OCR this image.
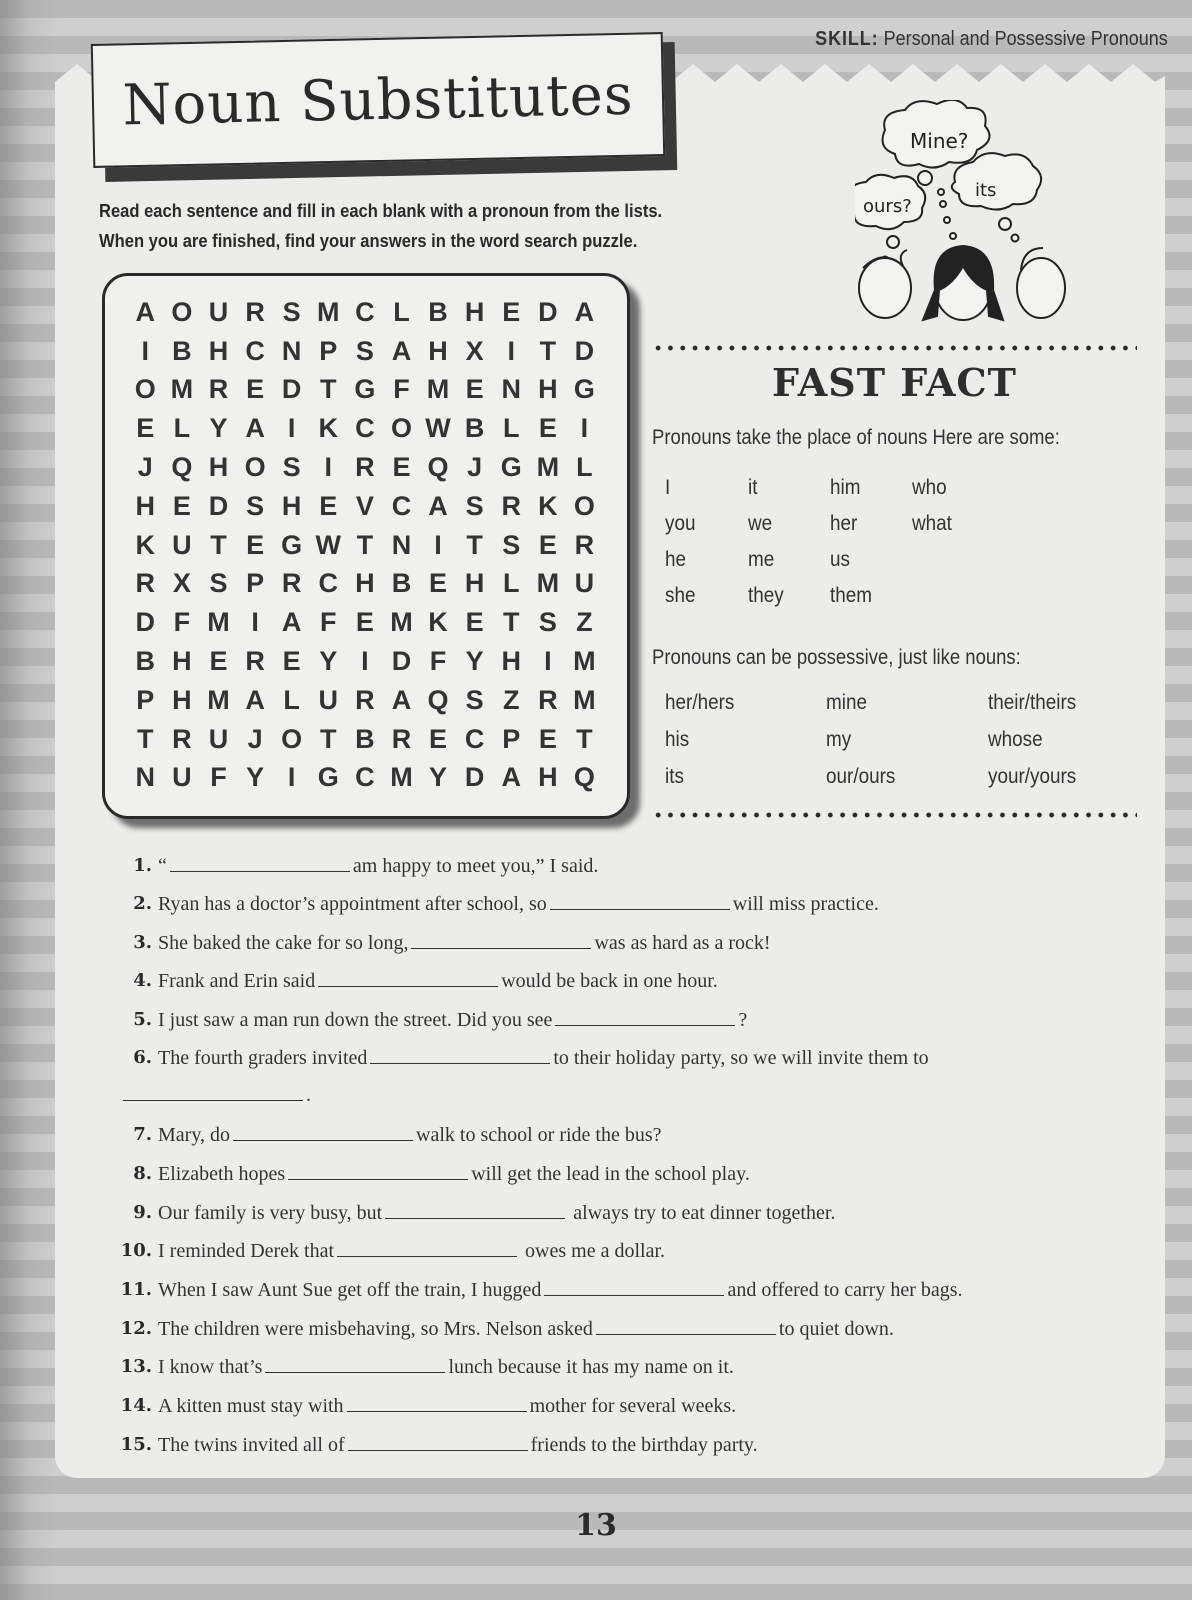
SKILL: Personal and Possessive Pronouns
Noun Substitutes
Read each sentence and fill in each blank with a pronoun from the lists.
When you are finished, find your answers in the word search puzzle.
Mine?
ours?
its
A O U R S M C L B H E D A
I B H C N P S A H X I T D
O M R E D T G F M E N H G
E L Y A I K C O W B L E I
J Q H O S I R E Q J G M L
H E D S H E V C A S R K O
K U T E G W T N I T S E R
R X S P R C H B E H L M U
D F M I A F E M K E T S Z
B H E R E Y I D F Y H I M
P H M A L U R A Q S Z R M
T R U J O T B R E C P E T
N U F Y I G C M Y D A H Q
FAST FACT
Pronouns take the place of nouns Here are some:
I	it	him who
you	we	her	what
he	me	us
she	they them
Pronouns can be possessive, just like nouns:
her/hers	mine	their/theirs
his	my	whose
its	our/ours	your/yours
1. “	am happy to meet you,” I said.
2. Ryan has a doctor’s appointment after school, so	will miss practice.
3. She baked the cake for so long,	was as hard as a rock!
4. Frank and Erin said	would be back in one hour.
5. I just saw a man run down the street. Did you see	?
6. The fourth graders invited	to their holiday party, so we will invite them to
.
7. Mary, do	walk to school or ride the bus?
8. Elizabeth hopes	will get the lead in the school play.
9. Our family is very busy, but	always try to eat dinner together.
10. I reminded Derek that	owes me a dollar.
11. When I saw Aunt Sue get off the train, I hugged	and offered to carry her bags.
12. The children were misbehaving, so Mrs. Nelson asked	to quiet down.
13. I know that’s	lunch because it has my name on it.
14. A kitten must stay with	mother for several weeks.
15. The twins invited all of	friends to the birthday party.
13
